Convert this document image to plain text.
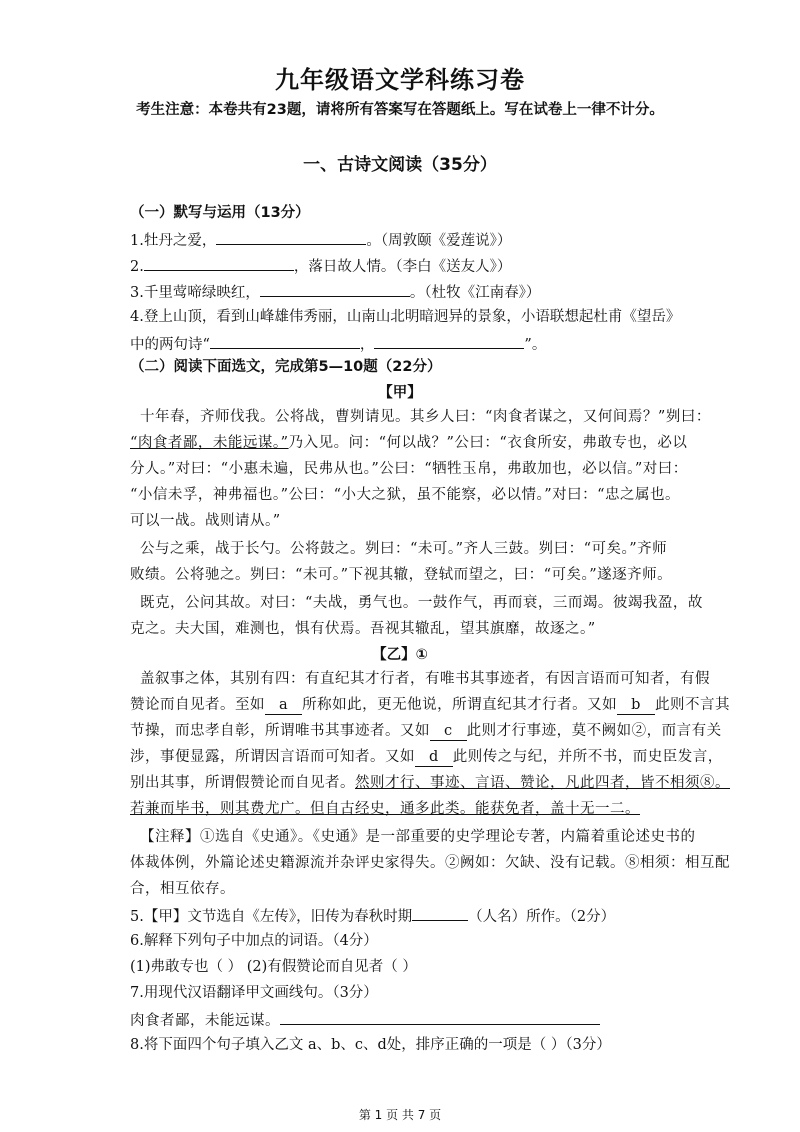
九年级语文学科练习卷
考生注意：本卷共有23题，请将所有答案写在答题纸上。写在试卷上一律不计分。
一、古诗文阅读（35分）
（一）默写与运用（13分）
1.牡丹之爱，	。（周敦颐《爱莲说》）
2.	，落日故人情。（李白《送友人》）
3.千里莺啼绿映红，	。（杜牧《江南春》）
4.登上山顶，看到山峰雄伟秀丽，山南山北明暗迥异的景象，小语联想起杜甫《望岳》
中的两句诗“	，	”。
（二）阅读下面选文，完成第5—10题（22分）
【甲】
十年春，齐师伐我。公将战，曹刿请见。其乡人曰：“肉食者谋之，又何间焉？”刿曰：
“肉食者鄙，未能远谋。”乃入见。问：“何以战？”公曰：“衣食所安，弗敢专也，必以
分人。”对曰：“小惠未遍，民弗从也。”公曰：“牺牲玉帛，弗敢加也，必以信。”对曰：
“小信未孚，神弗福也。”公曰：“小大之狱，虽不能察，必以情。”对曰：“忠之属也。
可以一战。战则请从。”
公与之乘，战于长勺。公将鼓之。刿曰：“未可。”齐人三鼓。刿曰：“可矣。”齐师
败绩。公将驰之。刿曰：“未可。”下视其辙，登轼而望之，曰：“可矣。”遂逐齐师。
既克，公问其故。对曰：“夫战，勇气也。一鼓作气，再而衰，三而竭。彼竭我盈，故
克之。夫大国，难测也，惧有伏焉。吾视其辙乱，望其旗靡，故逐之。”
【乙】①
盖叙事之体，其别有四：有直纪其才行者，有唯书其事迹者，有因言语而可知者，有假
赞论而自见者。至如 a 所称如此，更无他说，所谓直纪其才行者。又如 b 此则不言其
节操，而忠孝自彰，所谓唯书其事迹者。又如 c 此则才行事迹，莫不阙如②，而言有关
涉，事便显露，所谓因言语而可知者。又如 d 此则传之与纪，并所不书，而史臣发言，
别出其事，所谓假赞论而自见者。然则才行、事迹、言语、赞论，凡此四者，皆不相须⑧。
若兼而毕书，则其费尤广。但自古经史，通多此类。能获免者，盖十无一二。
【注释】①选自《史通》。《史通》是一部重要的史学理论专著，内篇着重论述史书的
体裁体例，外篇论述史籍源流并杂评史家得失。②阙如：欠缺、没有记载。⑧相须：相互配
合，相互依存。
5.【甲】文节选自《左传》，旧传为春秋时期	（人名）所作。（2分）
6.解释下列句子中加点的词语。（4分）
(1)弗敢专也（ ） (2)有假赞论而自见者（ ）
7.用现代汉语翻译甲文画线句。（3分）
肉食者鄙，未能远谋。
8.将下面四个句子填入乙文 a、b、c、d处，排序正确的一项是（ ）（3分）
第 1 页 共 7 页
